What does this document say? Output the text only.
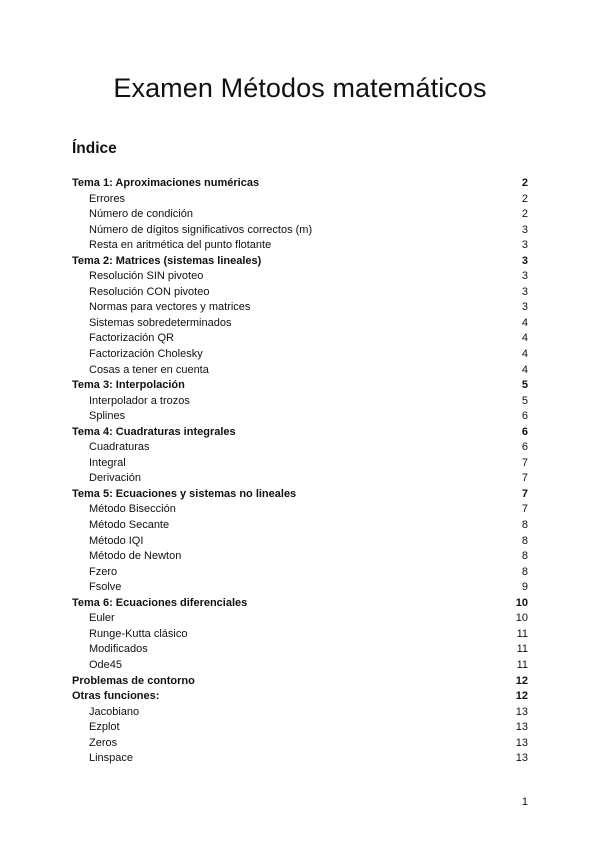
Examen Métodos matemáticos
Índice
Tema 1: Aproximaciones numéricas	2
Errores	2
Número de condición	2
Número de dígitos significativos correctos (m)	3
Resta en aritmética del punto flotante	3
Tema 2: Matrices (sistemas lineales)	3
Resolución SIN pivoteo	3
Resolución CON pivoteo	3
Normas para vectores y matrices	3
Sistemas sobredeterminados	4
Factorización QR	4
Factorización Cholesky	4
Cosas a tener en cuenta	4
Tema 3: Interpolación	5
Interpolador a trozos	5
Splines	6
Tema 4: Cuadraturas integrales	6
Cuadraturas	6
Integral	7
Derivación	7
Tema 5: Ecuaciones y sistemas no lineales	7
Método Bisección	7
Método Secante	8
Método IQI	8
Método de Newton	8
Fzero	8
Fsolve	9
Tema 6: Ecuaciones diferenciales	10
Euler	10
Runge-Kutta clásico	11
Modificados	11
Ode45	11
Problemas de contorno	12
Otras funciones:	12
Jacobiano	13
Ezplot	13
Zeros	13
Linspace	13
1
